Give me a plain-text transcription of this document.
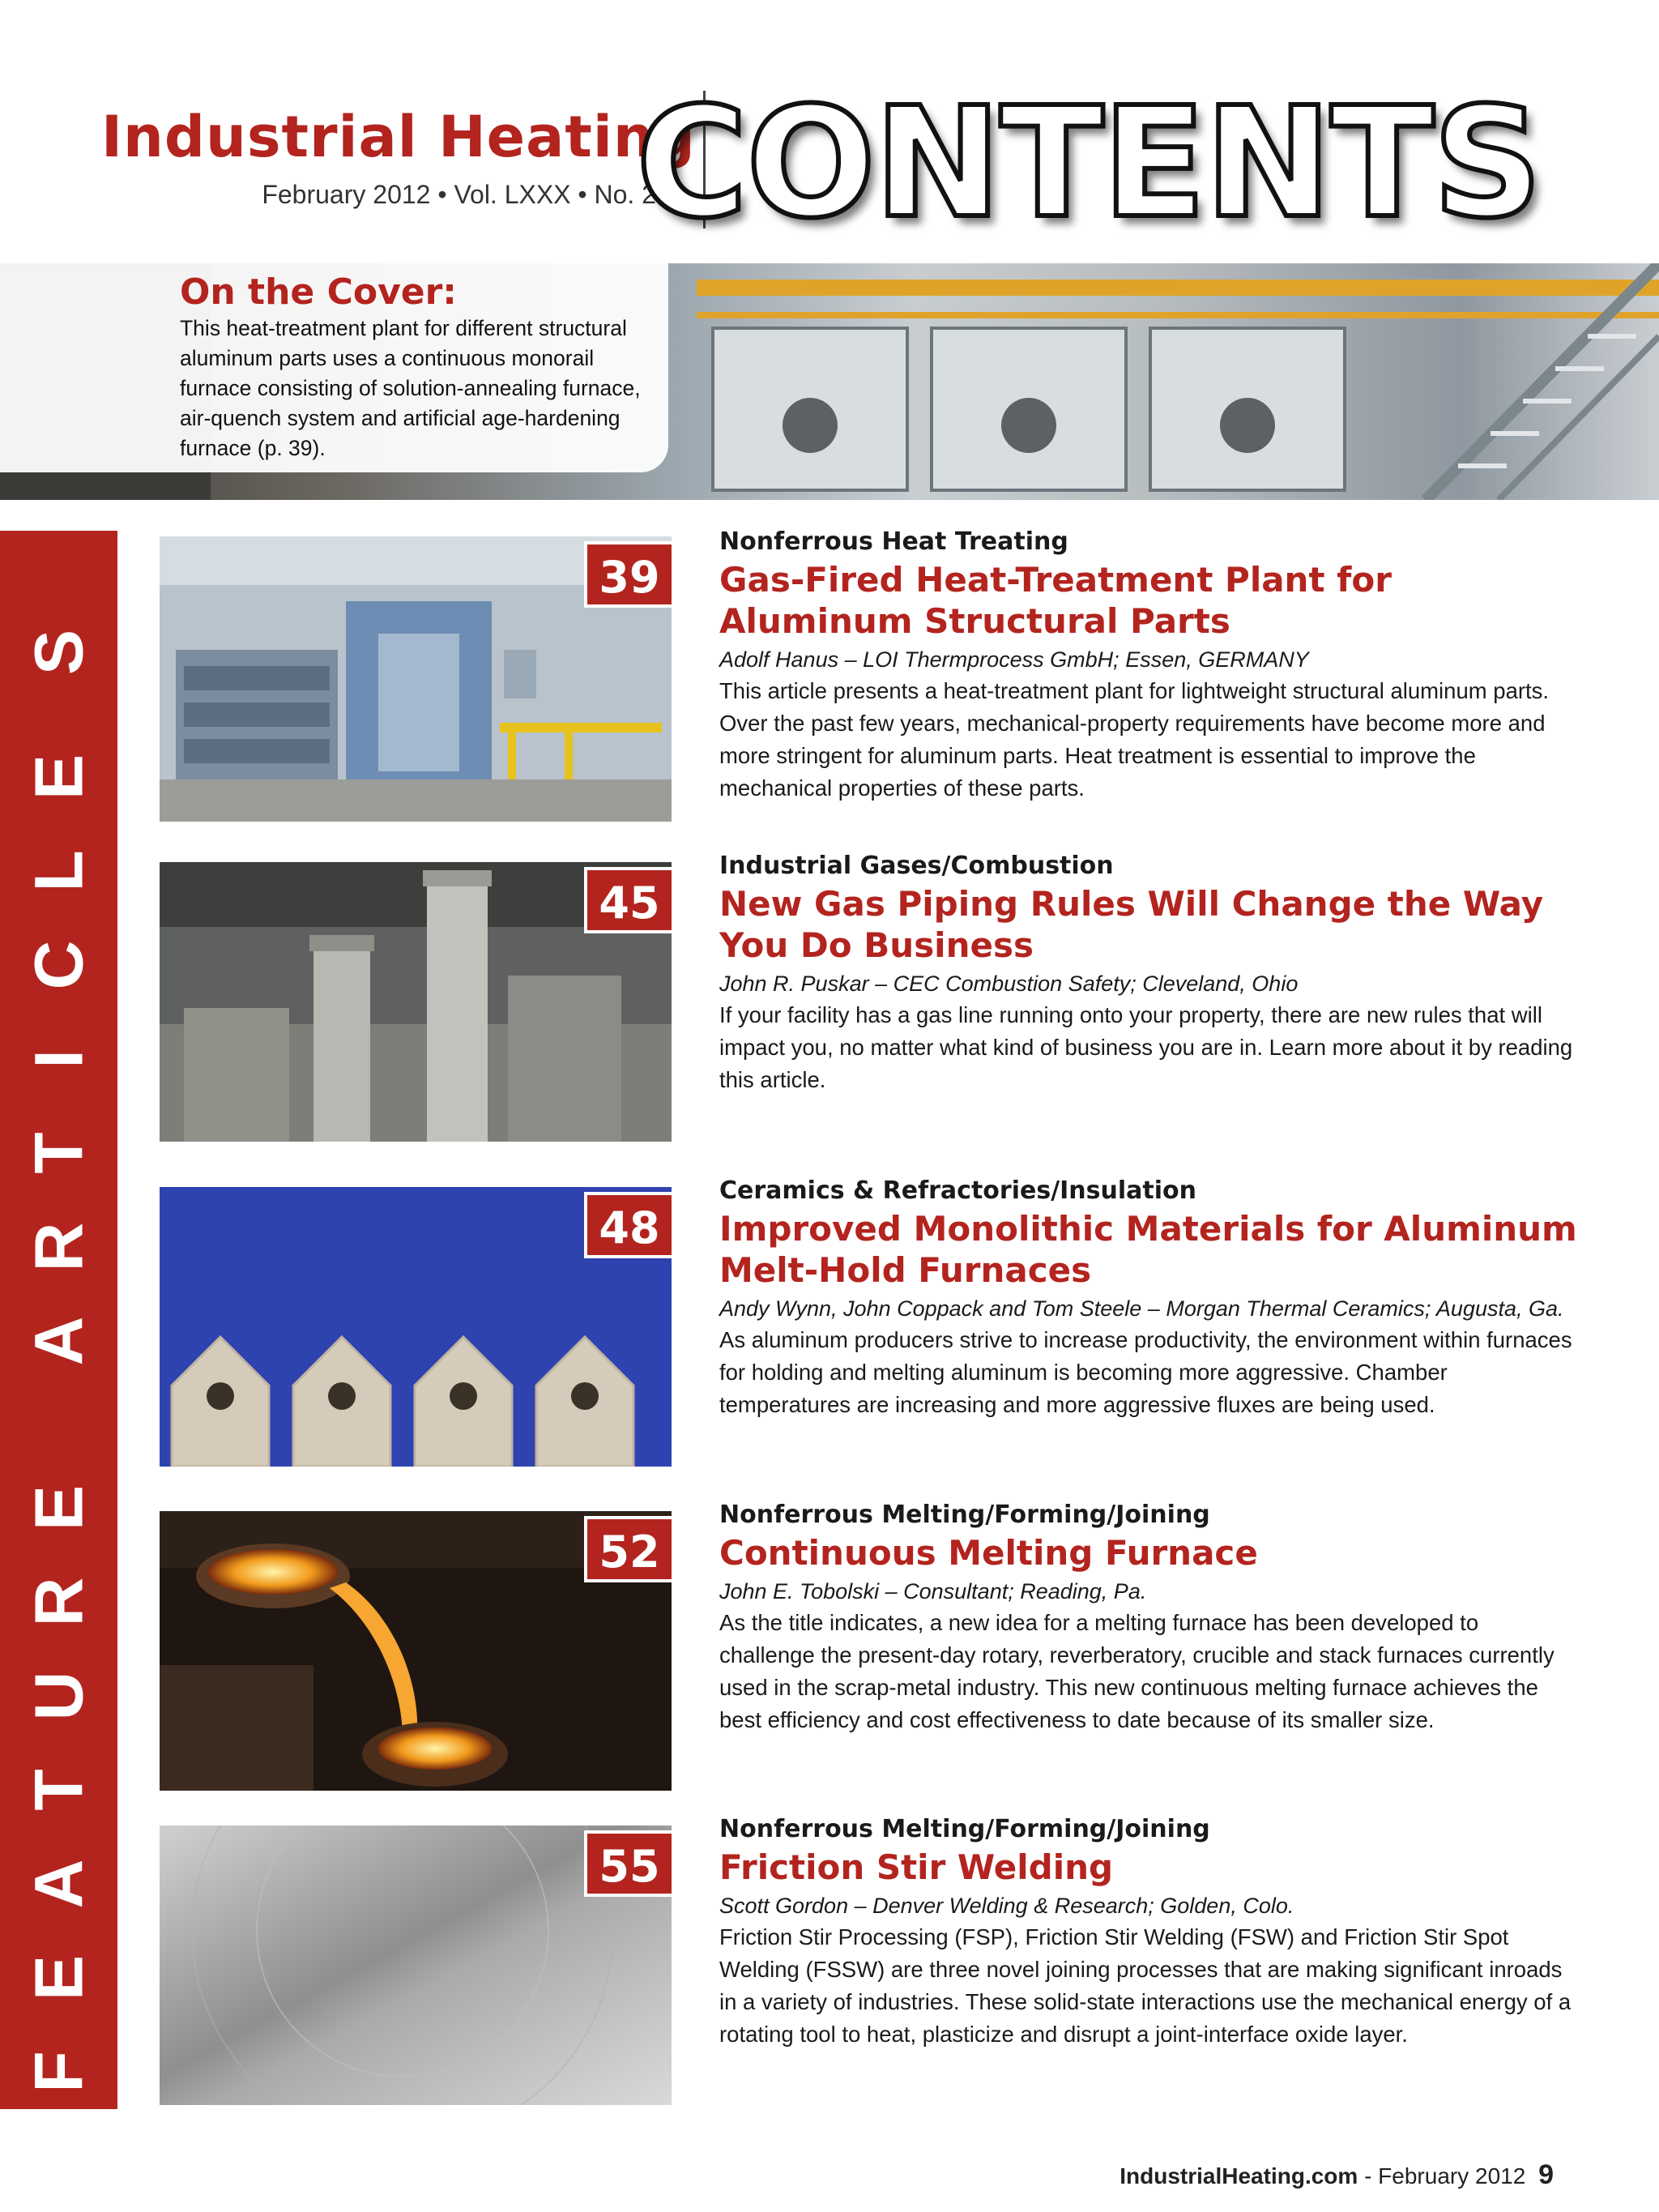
Industrial Heating
February 2012 • Vol. LXXX • No. 2
CONTENTS
On the Cover:
This heat-treatment plant for different structural aluminum parts uses a continuous monorail furnace consisting of solution-annealing furnace, air-quench system and artificial age-hardening furnace (p. 39).
F
E
A
T
U
R
E
A
R
T
I
C
L
E
S
39
Nonferrous Heat Treating
Gas-Fired Heat-Treatment Plant for Aluminum Structural Parts
Adolf Hanus – LOI Thermprocess GmbH; Essen, GERMANY
This article presents a heat-treatment plant for lightweight structural aluminum parts. Over the past few years, mechanical-property requirements have become more and more stringent for aluminum parts. Heat treatment is essential to improve the mechanical properties of these parts.
45
Industrial Gases/Combustion
New Gas Piping Rules Will Change the Way You Do Business
John R. Puskar – CEC Combustion Safety; Cleveland, Ohio
If your facility has a gas line running onto your property, there are new rules that will impact you, no matter what kind of business you are in. Learn more about it by reading this article.
48
Ceramics & Refractories/Insulation
Improved Monolithic Materials for Aluminum Melt-Hold Furnaces
Andy Wynn, John Coppack and Tom Steele – Morgan Thermal Ceramics; Augusta, Ga.
As aluminum producers strive to increase productivity, the environment within furnaces for holding and melting aluminum is becoming more aggressive. Chamber temperatures are increasing and more aggressive fluxes are being used.
52
Nonferrous Melting/Forming/Joining
Continuous Melting Furnace
John E. Tobolski – Consultant; Reading, Pa.
As the title indicates, a new idea for a melting furnace has been developed to challenge the present-day rotary, reverberatory, crucible and stack furnaces currently used in the scrap-metal industry. This new continuous melting furnace achieves the best efficiency and cost effectiveness to date because of its smaller size.
55
Nonferrous Melting/Forming/Joining
Friction Stir Welding
Scott Gordon – Denver Welding & Research; Golden, Colo.
Friction Stir Processing (FSP), Friction Stir Welding (FSW) and Friction Stir Spot Welding (FSSW) are three novel joining processes that are making significant inroads in a variety of industries. These solid-state interactions use the mechanical energy of a rotating tool to heat, plasticize and disrupt a joint-interface oxide layer.
IndustrialHeating.com - February 2012 9
